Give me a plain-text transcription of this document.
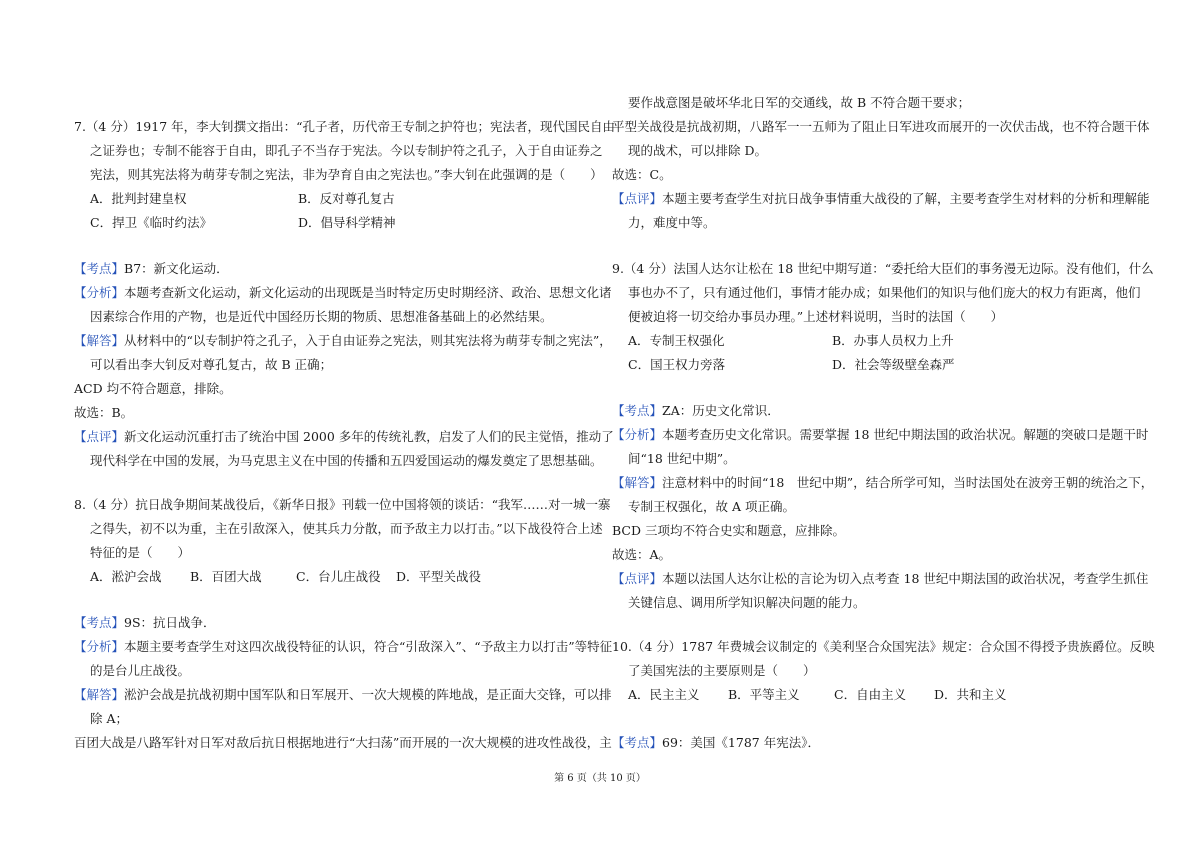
7.（4 分）1917 年，李大钊撰文指出：“孔子者，历代帝王专制之护符也；宪法者，现代国民自由
之证券也；专制不能容于自由，即孔子不当存于宪法。今以专制护符之孔子，入于自由证券之
宪法，则其宪法将为萌芽专制之宪法，非为孕育自由之宪法也。”李大钊在此强调的是（　　）
A．批判封建皇权	B．反对尊孔复古
C．捍卫《临时约法》	D．倡导科学精神
【考点】B7：新文化运动．
【分析】本题考查新文化运动，新文化运动的出现既是当时特定历史时期经济、政治、思想文化诸
因素综合作用的产物，也是近代中国经历长期的物质、思想准备基础上的必然结果。
【解答】从材料中的“以专制护符之孔子，入于自由证券之宪法，则其宪法将为萌芽专制之宪法”，
可以看出李大钊反对尊孔复古，故 B 正确；
ACD 均不符合题意，排除。
故选：B。
【点评】新文化运动沉重打击了统治中国 2000 多年的传统礼教，启发了人们的民主觉悟，推动了
现代科学在中国的发展，为马克思主义在中国的传播和五四爱国运动的爆发奠定了思想基础。
8.（4 分）抗日战争期间某战役后，《新华日报》刊载一位中国将领的谈话：“我军……对一城一寨
之得失，初不以为重，主在引敌深入，使其兵力分散，而予敌主力以打击。”以下战役符合上述
特征的是（　　）
A．淞沪会战 B．百团大战	C．台儿庄战役 D．平型关战役
【考点】9S：抗日战争．
【分析】本题主要考查学生对这四次战役特征的认识，符合“引敌深入”、“予敌主力以打击”等特征
的是台儿庄战役。
【解答】淞沪会战是抗战初期中国军队和日军展开、一次大规模的阵地战，是正面大交锋，可以排
除 A；
百团大战是八路军针对日军对敌后抗日根据地进行“大扫荡”而开展的一次大规模的进攻性战役，主
要作战意图是破坏华北日军的交通线，故 B 不符合题干要求；
平型关战役是抗战初期，八路军一一五师为了阻止日军进攻而展开的一次伏击战，也不符合题干体
现的战术，可以排除 D。
故选：C。
【点评】本题主要考查学生对抗日战争事情重大战役的了解，主要考查学生对材料的分析和理解能
力，难度中等。
9.（4 分）法国人达尔让松在 18 世纪中期写道：“委托给大臣们的事务漫无边际。没有他们，什么
事也办不了，只有通过他们，事情才能办成；如果他们的知识与他们庞大的权力有距离，他们
便被迫将一切交给办事员办理。”上述材料说明，当时的法国（　　）
A．专制王权强化	B．办事人员权力上升
C．国王权力旁落	D．社会等级壁垒森严
【考点】ZA：历史文化常识．
【分析】本题考查历史文化常识。需要掌握 18 世纪中期法国的政治状况。解题的突破口是题干时
间“18 世纪中期”。
【解答】注意材料中的时间“18　世纪中期”，结合所学可知，当时法国处在波旁王朝的统治之下，
专制王权强化，故 A 项正确。
BCD 三项均不符合史实和题意，应排除。
故选：A。
【点评】本题以法国人达尔让松的言论为切入点考查 18 世纪中期法国的政治状况，考查学生抓住
关键信息、调用所学知识解决问题的能力。
10.（4 分）1787 年费城会议制定的《美利坚合众国宪法》规定：合众国不得授予贵族爵位。反映
了美国宪法的主要原则是（　　）
A．民主主义 B．平等主义	C．自由主义 D．共和主义
【考点】69：美国《1787 年宪法》．
第 6 页（共 10 页）
